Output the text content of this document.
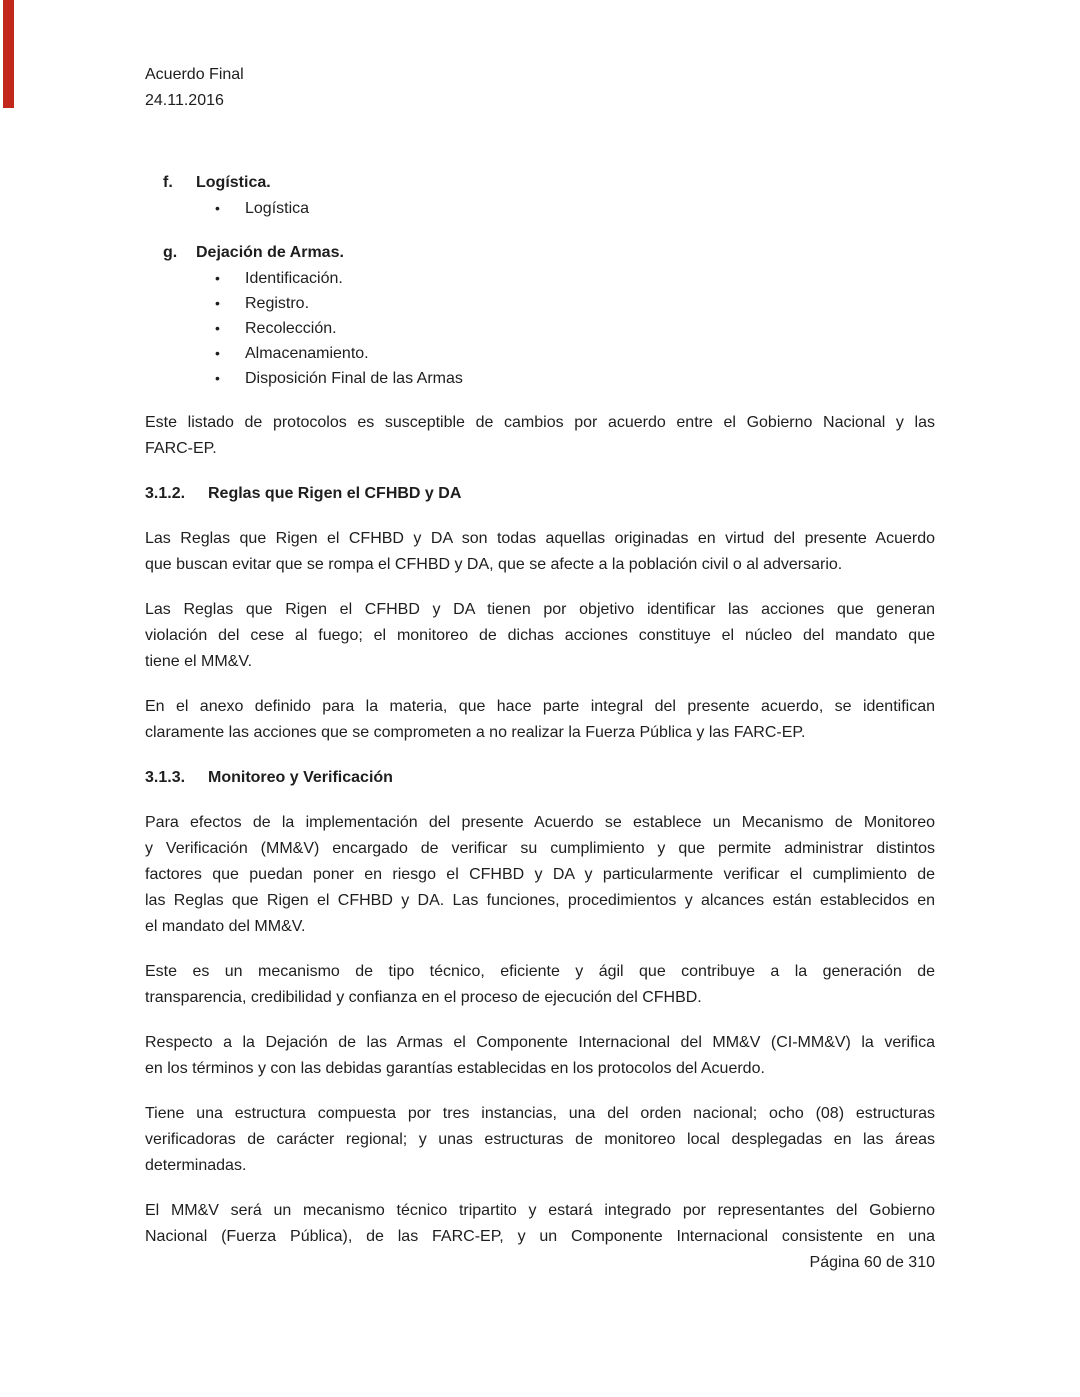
Acuerdo Final
24.11.2016
f. Logística.
• Logística
g. Dejación de Armas.
• Identificación.
• Registro.
• Recolección.
• Almacenamiento.
• Disposición Final de las Armas
Este listado de protocolos es susceptible de cambios por acuerdo entre el Gobierno Nacional y las
FARC-EP.
3.1.2. Reglas que Rigen el CFHBD y DA
Las Reglas que Rigen el CFHBD y DA son todas aquellas originadas en virtud del presente Acuerdo
que buscan evitar que se rompa el CFHBD y DA, que se afecte a la población civil o al adversario.
Las Reglas que Rigen el CFHBD y DA tienen por objetivo identificar las acciones que generan
violación del cese al fuego; el monitoreo de dichas acciones constituye el núcleo del mandato que
tiene el MM&V.
En el anexo definido para la materia, que hace parte integral del presente acuerdo, se identifican
claramente las acciones que se comprometen a no realizar la Fuerza Pública y las FARC-EP.
3.1.3. Monitoreo y Verificación
Para efectos de la implementación del presente Acuerdo se establece un Mecanismo de Monitoreo
y Verificación (MM&V) encargado de verificar su cumplimiento y que permite administrar distintos
factores que puedan poner en riesgo el CFHBD y DA y particularmente verificar el cumplimiento de
las Reglas que Rigen el CFHBD y DA. Las funciones, procedimientos y alcances están establecidos en
el mandato del MM&V.
Este es un mecanismo de tipo técnico, eficiente y ágil que contribuye a la generación de
transparencia, credibilidad y confianza en el proceso de ejecución del CFHBD.
Respecto a la Dejación de las Armas el Componente Internacional del MM&V (CI-MM&V) la verifica
en los términos y con las debidas garantías establecidas en los protocolos del Acuerdo.
Tiene una estructura compuesta por tres instancias, una del orden nacional; ocho (08) estructuras
verificadoras de carácter regional; y unas estructuras de monitoreo local desplegadas en las áreas
determinadas.
El MM&V será un mecanismo técnico tripartito y estará integrado por representantes del Gobierno
Nacional (Fuerza Pública), de las FARC-EP, y un Componente Internacional consistente en una
Página 60 de 310
